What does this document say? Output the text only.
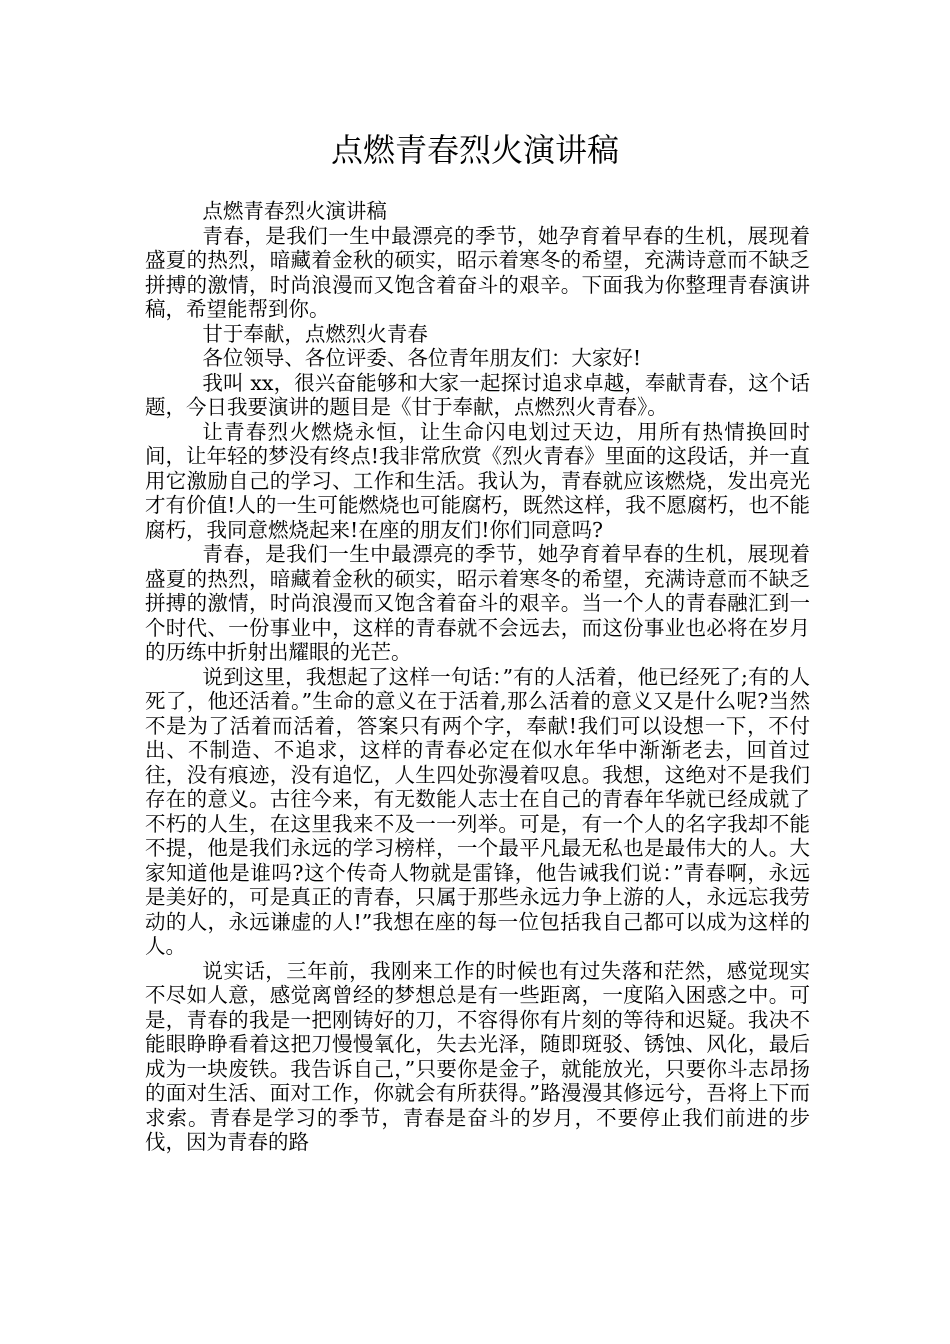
点燃青春烈火演讲稿

点燃青春烈火演讲稿

青春，是我们一生中最漂亮的季节，她孕育着早春的生机，展现着盛夏的热烈，暗藏着金秋的硕实，昭示着寒冬的希望，充满诗意而不缺乏拼搏的激情，时尚浪漫而又饱含着奋斗的艰辛。下面我为你整理青春演讲稿，希望能帮到你。

甘于奉献，点燃烈火青春

各位领导、各位评委、各位青年朋友们：大家好!

我叫 xx，很兴奋能够和大家一起探讨追求卓越，奉献青春，这个话题，今日我要演讲的题目是《甘于奉献，点燃烈火青春》。

让青春烈火燃烧永恒，让生命闪电划过天边，用所有热情换回时间，让年轻的梦没有终点!我非常欣赏《烈火青春》里面的这段话，并一直用它激励自己的学习、工作和生活。我认为，青春就应该燃烧，发出亮光才有价值!人的一生可能燃烧也可能腐朽，既然这样，我不愿腐朽，也不能腐朽，我同意燃烧起来!在座的朋友们!你们同意吗?

青春，是我们一生中最漂亮的季节，她孕育着早春的生机，展现着盛夏的热烈，暗藏着金秋的硕实，昭示着寒冬的希望，充满诗意而不缺乏拼搏的激情，时尚浪漫而又饱含着奋斗的艰辛。当一个人的青春融汇到一个时代、一份事业中，这样的青春就不会远去，而这份事业也必将在岁月的历练中折射出耀眼的光芒。

说到这里，我想起了这样一句话：”有的人活着，他已经死了;有的人死了，他还活着。”生命的意义在于活着,那么活着的意义又是什么呢?当然不是为了活着而活着，答案只有两个字，奉献!我们可以设想一下，不付出、不制造、不追求，这样的青春必定在似水年华中渐渐老去，回首过往，没有痕迹，没有追忆，人生四处弥漫着叹息。我想，这绝对不是我们存在的意义。古往今来，有无数能人志士在自己的青春年华就已经成就了不朽的人生，在这里我来不及一一列举。可是，有一个人的名字我却不能不提，他是我们永远的学习榜样，一个最平凡最无私也是最伟大的人。大家知道他是谁吗?这个传奇人物就是雷锋，他告诫我们说：”青春啊，永远是美好的，可是真正的青春，只属于那些永远力争上游的人，永远忘我劳动的人，永远谦虚的人!”我想在座的每一位包括我自己都可以成为这样的人。

说实话，三年前，我刚来工作的时候也有过失落和茫然，感觉现实不尽如人意，感觉离曾经的梦想总是有一些距离，一度陷入困惑之中。可是，青春的我是一把刚铸好的刀，不容得你有片刻的等待和迟疑。我决不能眼睁睁看着这把刀慢慢氧化，失去光泽，随即斑驳、锈蚀、风化，最后成为一块废铁。我告诉自己，”只要你是金子，就能放光，只要你斗志昂扬的面对生活、面对工作，你就会有所获得。”路漫漫其修远兮，吾将上下而求索。青春是学习的季节，青春是奋斗的岁月，不要停止我们前进的步伐，因为青春的路
